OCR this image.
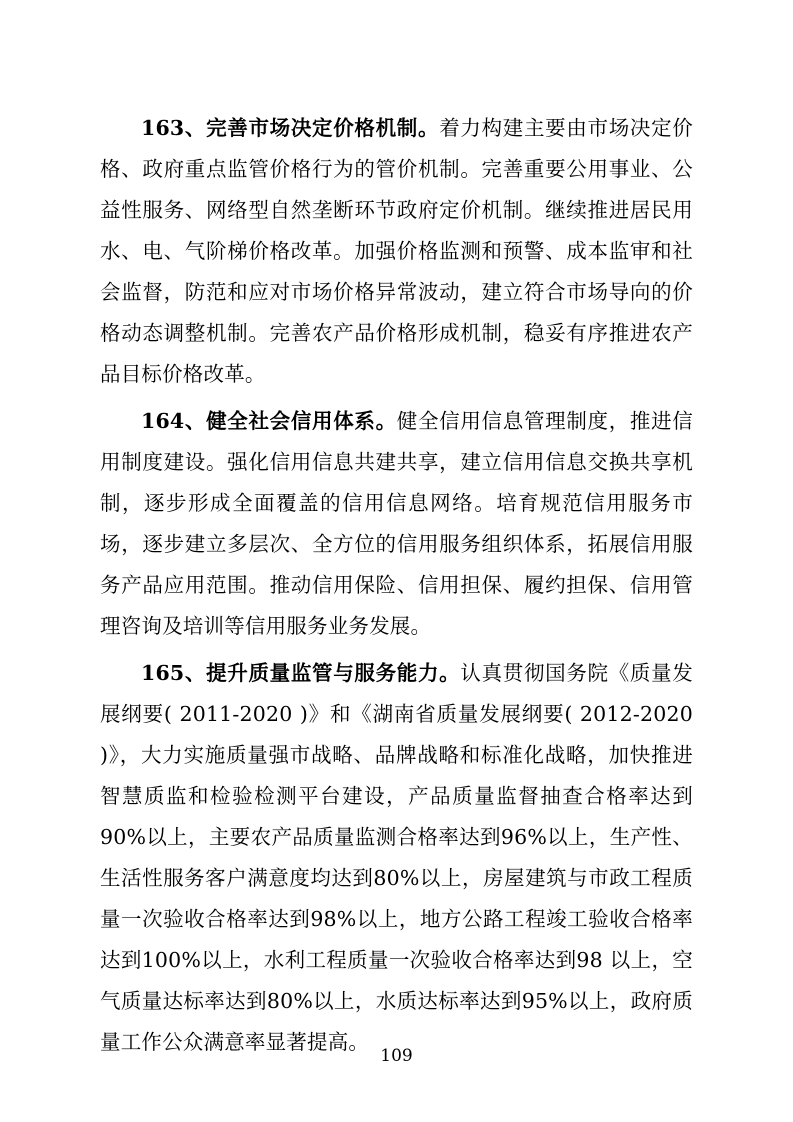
163、完善市场决定价格机制。着力构建主要由市场决定价格、政府重点监管价格行为的管价机制。完善重要公用事业、公益性服务、网络型自然垄断环节政府定价机制。继续推进居民用水、电、气阶梯价格改革。加强价格监测和预警、成本监审和社会监督，防范和应对市场价格异常波动，建立符合市场导向的价格动态调整机制。完善农产品价格形成机制，稳妥有序推进农产品目标价格改革。

164、健全社会信用体系。健全信用信息管理制度，推进信用制度建设。强化信用信息共建共享，建立信用信息交换共享机制，逐步形成全面覆盖的信用信息网络。培育规范信用服务市场，逐步建立多层次、全方位的信用服务组织体系，拓展信用服务产品应用范围。推动信用保险、信用担保、履约担保、信用管理咨询及培训等信用服务业务发展。

165、提升质量监管与服务能力。认真贯彻国务院《质量发展纲要( 2011-2020 )》和《湖南省质量发展纲要( 2012-2020 )》，大力实施质量强市战略、品牌战略和标准化战略，加快推进智慧质监和检验检测平台建设，产品质量监督抽查合格率达到90%以上，主要农产品质量监测合格率达到96%以上，生产性、生活性服务客户满意度均达到80%以上，房屋建筑与市政工程质量一次验收合格率达到98%以上，地方公路工程竣工验收合格率达到100%以上，水利工程质量一次验收合格率达到98 以上，空气质量达标率达到80%以上，水质达标率达到95%以上，政府质量工作公众满意率显著提高。

109
